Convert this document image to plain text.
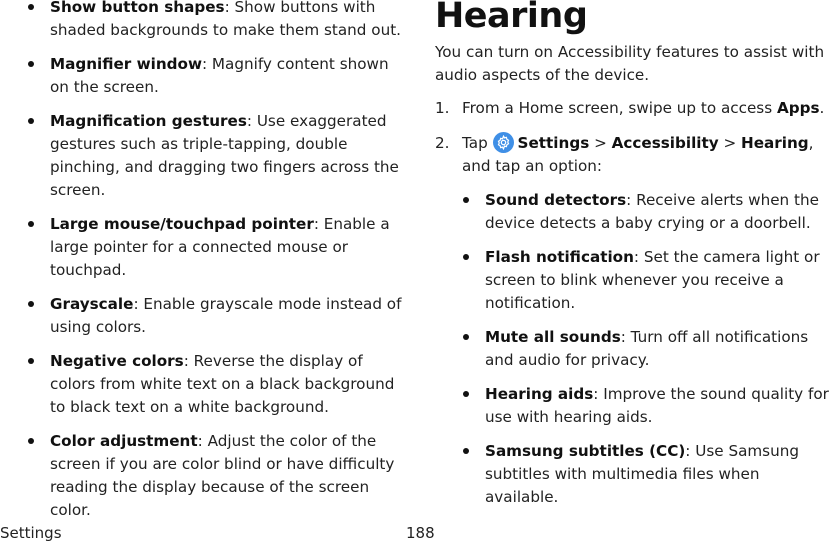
Show button shapes: Show buttons with shaded backgrounds to make them stand out.
Magnifier window: Magnify content shown on the screen.
Magnification gestures: Use exaggerated gestures such as triple-tapping, double pinching, and dragging two fingers across the screen.
Large mouse/touchpad pointer: Enable a large pointer for a connected mouse or touchpad.
Grayscale: Enable grayscale mode instead of using colors.
Negative colors: Reverse the display of colors from white text on a black background to black text on a white background.
Color adjustment: Adjust the color of the screen if you are color blind or have difficulty reading the display because of the screen color.
Hearing

You can turn on Accessibility features to assist with audio aspects of the device.

1. From a Home screen, swipe up to access Apps.
2. Tap
Settings > Accessibility > Hearing, and tap an option:
Sound detectors: Receive alerts when the device detects a baby crying or a doorbell.
Flash notification: Set the camera light or screen to blink whenever you receive a notification.
Mute all sounds: Turn off all notifications and audio for privacy.
Hearing aids: Improve the sound quality for use with hearing aids.
Samsung subtitles (CC): Use Samsung subtitles with multimedia files when available.
Settings	188
